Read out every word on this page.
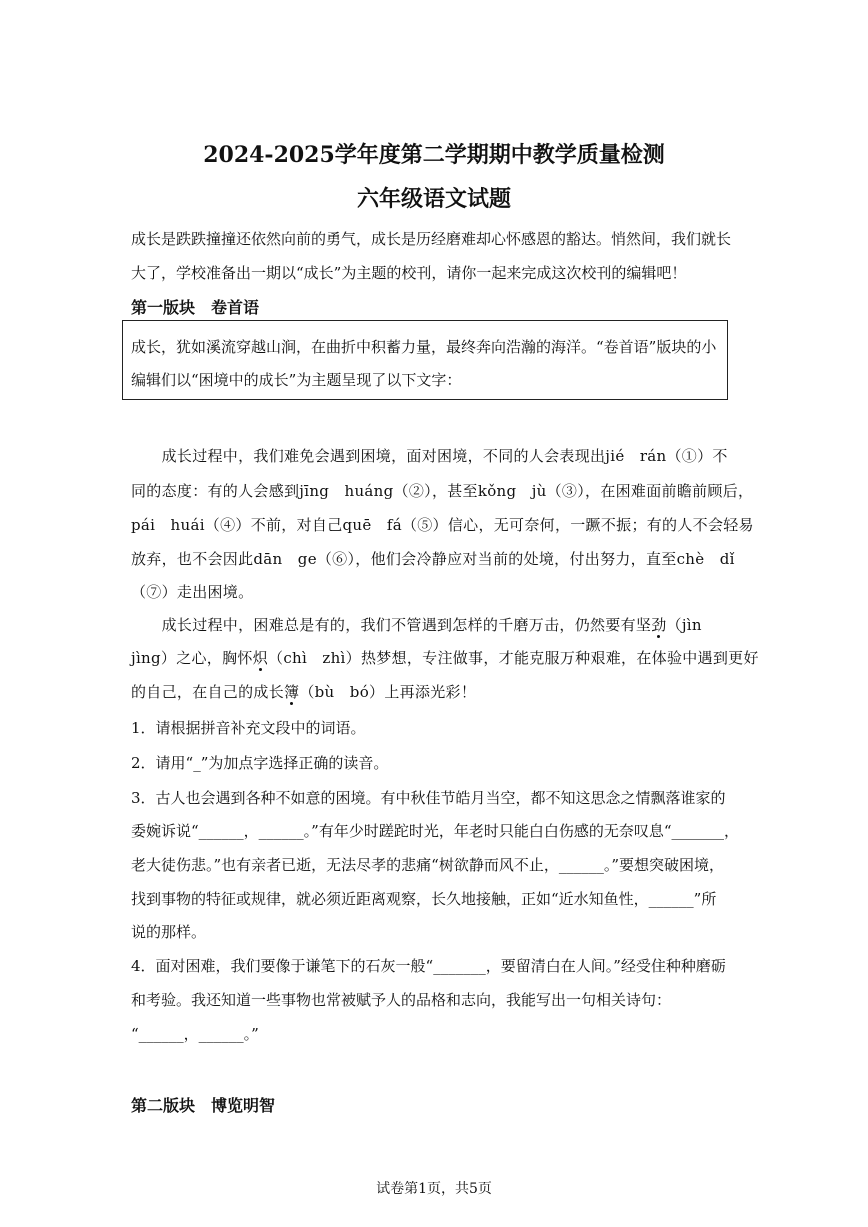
2024-2025学年度第二学期期中教学质量检测
六年级语文试题
成长是跌跌撞撞还依然向前的勇气，成长是历经磨难却心怀感恩的豁达。悄然间，我们就长
大了，学校准备出一期以“成长”为主题的校刊，请你一起来完成这次校刊的编辑吧！
第一版块　卷首语
成长，犹如溪流穿越山涧，在曲折中积蓄力量，最终奔向浩瀚的海洋。“卷首语”版块的小
编辑们以“困境中的成长”为主题呈现了以下文字：
　　成长过程中，我们难免会遇到困境，面对困境，不同的人会表现出jié　rán（①）不
同的态度：有的人会感到jīng　huáng（②），甚至kǒng　jù（③），在困难面前瞻前顾后，
pái　huái（④）不前，对自己quē　fá（⑤）信心，无可奈何，一蹶不振；有的人不会轻易
放弃，也不会因此dān　ge（⑥），他们会冷静应对当前的处境，付出努力，直至chè　dǐ
（⑦）走出困境。
　　成长过程中，困难总是有的，我们不管遇到怎样的千磨万击，仍然要有坚劲（jìn
jìng）之心，胸怀炽（chì　zhì）热梦想，专注做事，才能克服万种艰难，在体验中遇到更好
的自己，在自己的成长簿（bù　bó）上再添光彩！
1．请根据拼音补充文段中的词语。
2．请用“_”为加点字选择正确的读音。
3．古人也会遇到各种不如意的困境。有中秋佳节皓月当空，都不知这思念之情飘落谁家的
委婉诉说“______，______。”有年少时蹉跎时光，年老时只能白白伤感的无奈叹息“_______，
老大徒伤悲。”也有亲者已逝，无法尽孝的悲痛“树欲静而风不止，______。”要想突破困境，
找到事物的特征或规律，就必须近距离观察，长久地接触，正如“近水知鱼性，______”所
说的那样。
4．面对困难，我们要像于谦笔下的石灰一般“_______，要留清白在人间。”经受住种种磨砺
和考验。我还知道一些事物也常被赋予人的品格和志向，我能写出一句相关诗句：
“______，______。”
第二版块　博览明智
试卷第1页，共5页
